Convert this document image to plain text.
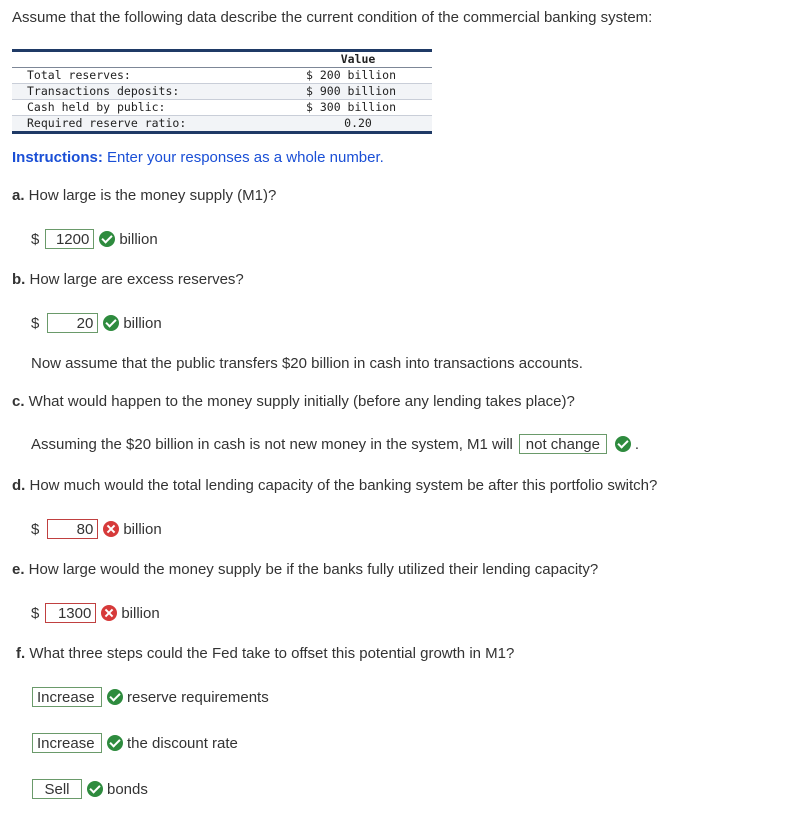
Assume that the following data describe the current condition of the commercial banking system:
Value
Total reserves:	$ 200 billion
Transactions deposits:	$ 900 billion
Cash held by public:	$ 300 billion
Required reserve ratio:	0.20
Instructions: Enter your responses as a whole number.
a. How large is the money supply (M1)?
$	1200	billion
b. How large are excess reserves?
$	20	billion
Now assume that the public transfers $20 billion in cash into transactions accounts.
c. What would happen to the money supply initially (before any lending takes place)?
Assuming the $20 billion in cash is not new money in the system, M1 will not change	.
d. How much would the total lending capacity of the banking system be after this portfolio switch?
$	80	billion
e. How large would the money supply be if the banks fully utilized their lending capacity?
$	1300	billion
f. What three steps could the Fed take to offset this potential growth in M1?
Increase	reserve requirements
Increase	the discount rate
Sell	bonds
